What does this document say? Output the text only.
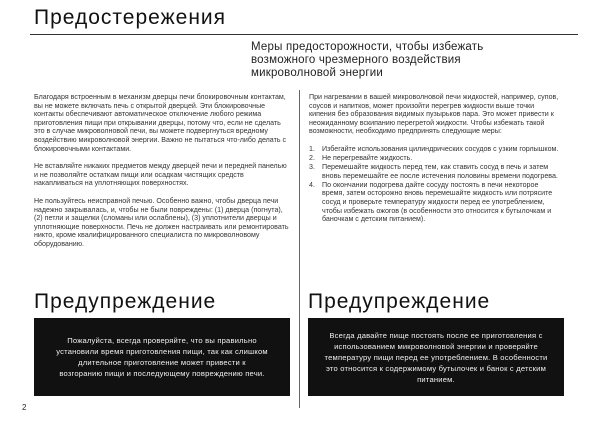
Предостережения
Меры предосторожности, чтобы избежать
возможного чрезмерного воздействия
микроволновой энергии

Благодаря встроенным в механизм дверцы печи блокировочным контактам, вы не можете включать печь с открытой дверцей. Эти блокировочные контакты обеспечивают автоматическое отключение любого режима приготовления пищи при открывании дверцы, потому что, если не сделать это в случае микроволновой печи, вы можете подвергнуться вредному воздействию микроволновой энергии. Важно не пытаться что-либо делать с блокировочными контактами.

Не вставляйте никаких предметов между дверцей печи и передней панелью и не позволяйте остаткам пищи или осадкам чистящих средств накапливаться на уплотняющих поверхностях.

Не пользуйтесь неисправной печью. Особенно важно, чтобы дверца печи надежно закрывалась, и, чтобы не были повреждены: (1) дверца (погнута), (2) петли и защелки (сломаны или ослаблены), (3) уплотнители дверцы и уплотняющие поверхности. Печь не должен настраивать или ремонтировать никто, кроме квалифицированного специалиста по микроволновому оборудованию.

При нагревании в вашей микроволновой печи жидкостей, например, супов, соусов и напитков, может произойти перегрев жидкости выше точки кипения без образования видимых пузырьков пара. Это может привести к неожиданному вскипанию перегретой жидкости. Чтобы избежать такой возможности, необходимо предпринять следующие меры:

1. Избегайте использования цилиндрических сосудов с узким горлышком.
2. Не перегревайте жидкость.
3. Перемешайте жидкость перед тем, как ставить сосуд в печь и затем вновь перемешайте ее после истечения половины времени подогрева.
4. По окончании подогрева дайте сосуду постоять в печи некоторое время, затем осторожно вновь перемешайте жидкость или потрясите сосуд и проверьте температуру жидкости перед ее употреблением, чтобы избежать ожогов (в особенности это относится к бутылочкам и баночкам с детским питанием).
Предупреждение
Пожалуйста, всегда проверяйте, что вы правильно установили время приготовления пищи, так как слишком длительное приготовление может привести к возгоранию пищи и последующему повреждению печи.
Предупреждение
Всегда давайте пище постоять после ее приготовления с использованием микроволновой энергии и проверяйте температуру пищи перед ее употреблением. В особенности это относится к содержимому бутылочек и банок с детским питанием.
2
